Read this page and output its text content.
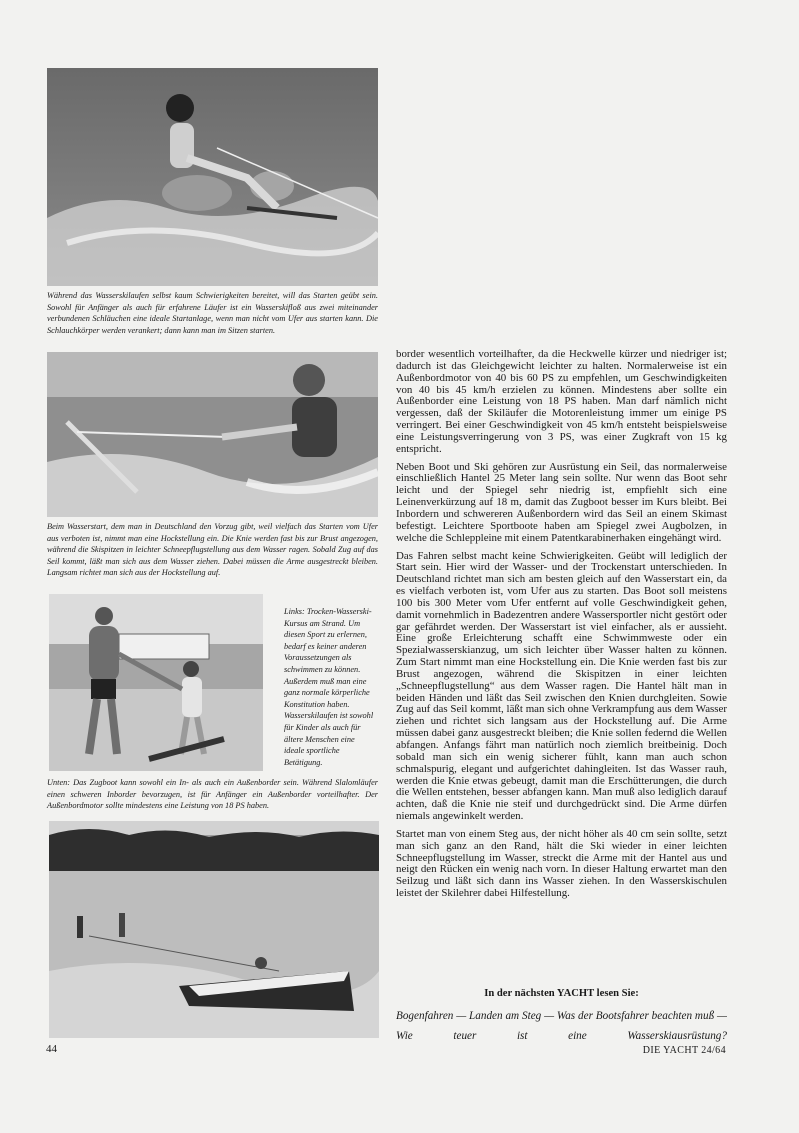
Während das Wasserskilaufen selbst kaum Schwierigkeiten bereitet, will das Starten geübt sein. Sowohl für Anfänger als auch für erfahrene Läufer ist ein Wasserskifloß aus zwei miteinander verbundenen Schläuchen eine ideale Startanlage, wenn man nicht vom Ufer aus starten kann. Die Schlauchkörper werden verankert; dann kann man im Sitzen starten.

Beim Wasserstart, dem man in Deutschland den Vorzug gibt, weil vielfach das Starten vom Ufer aus verboten ist, nimmt man eine Hockstellung ein. Die Knie werden fast bis zur Brust angezogen, während die Skispitzen in leichter Schneepflugstellung aus dem Wasser ragen. Sobald Zug auf das Seil kommt, läßt man sich aus dem Wasser ziehen. Dabei müssen die Arme ausgestreckt bleiben. Langsam richtet man sich aus der Hockstellung auf.

Links: Trocken-Wasserski-Kursus am Strand. Um diesen Sport zu erlernen, bedarf es keiner anderen Voraussetzungen als schwimmen zu können. Außerdem muß man eine ganz normale körperliche Konstitution haben. Wasserskilaufen ist sowohl für Kinder als auch für ältere Menschen eine ideale sportliche Betätigung.

Unten: Das Zugboot kann sowohl ein In- als auch ein Außenborder sein. Während Slalomläufer einen schweren Inborder bevorzugen, ist für Anfänger ein Außenborder vorteilhafter. Der Außenbordmotor sollte mindestens eine Leistung von 18 PS haben.

border wesentlich vorteilhafter, da die Heckwelle kürzer und niedriger ist; dadurch ist das Gleichgewicht leichter zu halten. Normalerweise ist ein Außenbordmotor von 40 bis 60 PS zu empfehlen, um Geschwindigkeiten von 40 bis 45 km/h erzielen zu können. Mindestens aber sollte ein Außenborder eine Leistung von 18 PS haben. Man darf nämlich nicht vergessen, daß der Skiläufer die Motorenleistung immer um einige PS verringert. Bei einer Geschwindigkeit von 45 km/h entsteht beispielsweise eine Leistungsverringerung von 3 PS, was einer Zugkraft von 15 kg entspricht.

Neben Boot und Ski gehören zur Ausrüstung ein Seil, das normalerweise einschließlich Hantel 25 Meter lang sein sollte. Nur wenn das Boot sehr leicht und der Spiegel sehr niedrig ist, empfiehlt sich eine Leinenverkürzung auf 18 m, damit das Zugboot besser im Kurs bleibt. Bei Inbordern und schwereren Außenbordern wird das Seil an einem Skimast befestigt. Leichtere Sportboote haben am Spiegel zwei Augbolzen, in welche die Schleppleine mit einem Patentkarabinerhaken eingehängt wird.

Das Fahren selbst macht keine Schwierigkeiten. Geübt will lediglich der Start sein. Hier wird der Wasser- und der Trockenstart unterschieden. In Deutschland richtet man sich am besten gleich auf den Wasserstart ein, da es vielfach verboten ist, vom Ufer aus zu starten. Das Boot soll meistens 100 bis 300 Meter vom Ufer entfernt auf volle Geschwindigkeit gehen, damit vornehmlich in Badezentren andere Wassersportler nicht gestört oder gar gefährdet werden. Der Wasserstart ist viel einfacher, als er aussieht. Eine große Erleichterung schafft eine Schwimmweste oder ein Spezialwasserskianzug, um sich leichter über Wasser halten zu können. Zum Start nimmt man eine Hockstellung ein. Die Knie werden fast bis zur Brust angezogen, während die Skispitzen in einer leichten „Schneepflugstellung“ aus dem Wasser ragen. Die Hantel hält man in beiden Händen und läßt das Seil zwischen den Knien durchgleiten. Sowie Zug auf das Seil kommt, läßt man sich ohne Verkrampfung aus dem Wasser ziehen und richtet sich langsam aus der Hockstellung auf. Die Arme müssen dabei ganz ausgestreckt bleiben; die Knie sollen federnd die Wellen abfangen. Anfangs fährt man natürlich noch ziemlich breitbeinig. Doch sobald man sich ein wenig sicherer fühlt, kann man auch schon schmalspurig, elegant und aufgerichtet dahingleiten. Ist das Wasser rauh, werden die Knie etwas gebeugt, damit man die Erschütterungen, die durch die Wellen entstehen, besser abfangen kann. Man muß also lediglich darauf achten, daß die Knie nie steif und durchgedrückt sind. Die Arme dürfen niemals angewinkelt werden.

Startet man von einem Steg aus, der nicht höher als 40 cm sein sollte, setzt man sich ganz an den Rand, hält die Ski wieder in einer leichten Schneepflugstellung im Wasser, streckt die Arme mit der Hantel aus und neigt den Rücken ein wenig nach vorn. In dieser Haltung erwartet man den Seilzug und läßt sich dann ins Wasser ziehen. In den Wasserskischulen leistet der Skilehrer dabei Hilfestellung.

In der nächsten YACHT lesen Sie:

Bogenfahren — Landen am Steg — Was der Bootsfahrer beachten muß — Wie teuer ist eine Wasserskiausrüstung?

44	DIE YACHT 24/64
